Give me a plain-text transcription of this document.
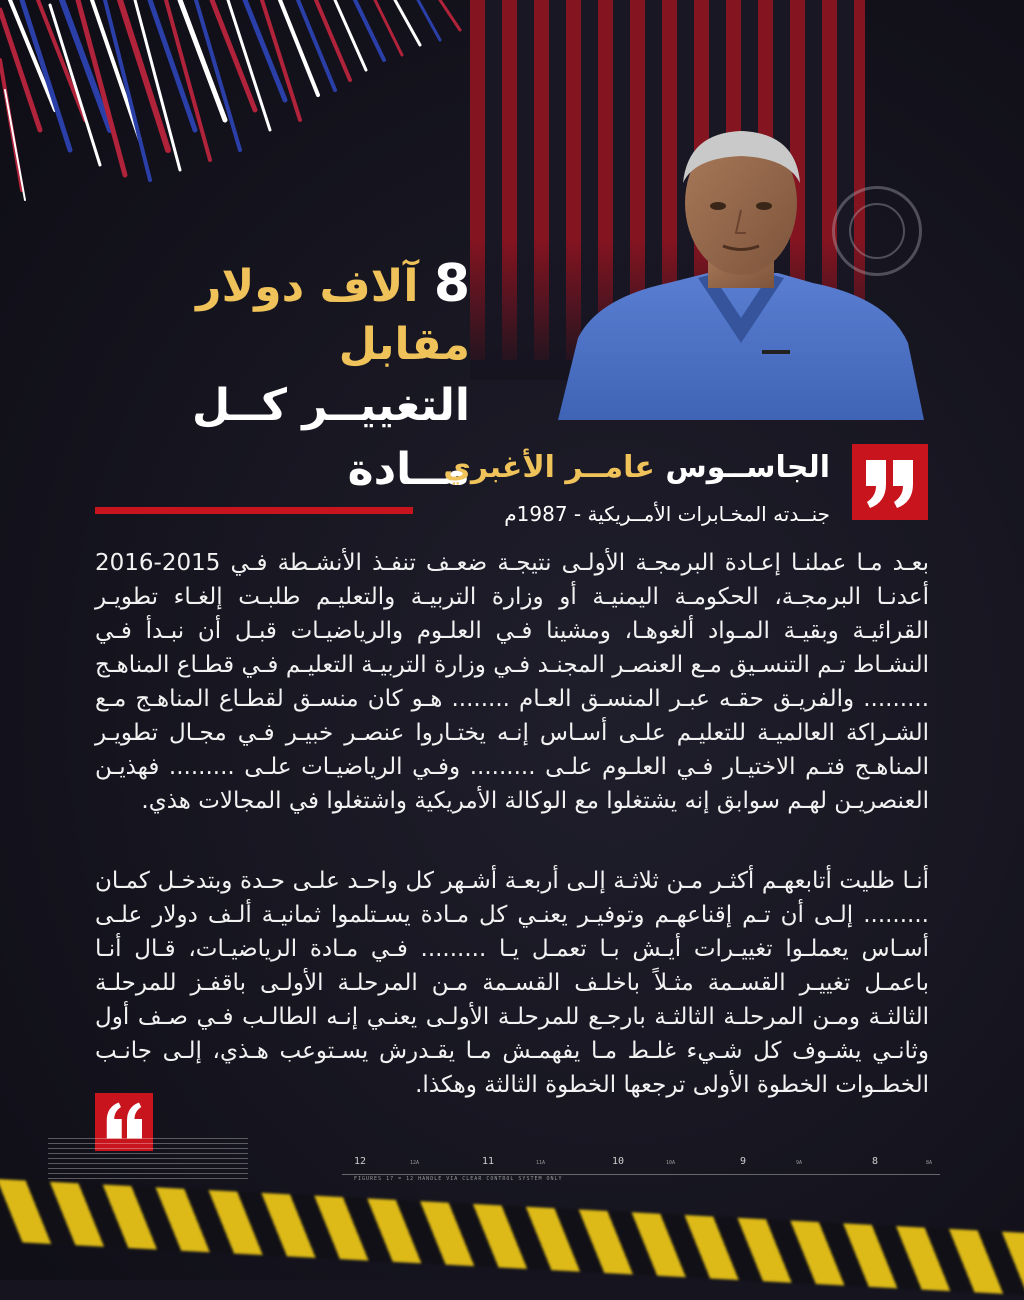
8 آلاف دولار مقابل
التغييــر كــل مــادة	الجاســوس عامــر الأغبري
جنــدته المخـابرات الأمــريكية - 1987م
بعـد مـا عملنـا إعـادة البرمجـة الأولـى نتيجـة ضعـف تنفـذ الأنشـطة فـي 2015-2016 أعدنـا البرمجـة، الحكومـة اليمنيـة أو وزارة التربيـة والتعليـم طلبـت إلغـاء تطويـر القرائيـة وبقيـة المـواد ألغوهـا، ومشينا فـي العلـوم والرياضيـات قبـل أن نبـدأ فـي النشـاط تـم التنسـيق مـع العنصـر المجنـد فـي وزارة التربيـة التعليـم فـي قطـاع المناهـج ......... والفريـق حقـه عبـر المنسـق العـام ........ هـو كان منسـق لقطـاع المناهـج مـع الشـراكة العالميـة للتعليـم علـى أسـاس إنـه يختـاروا عنصـر خبيـر فـي مجـال تطويـر المناهـج فتـم الاختيـار فـي العلـوم علـى ......... وفـي الرياضيـات علـى ......... فهذيـن العنصريـن لهـم سوابق إنه يشتغلوا مع الوكالة الأمريكية واشتغلوا في المجالات هذي.
أنـا ظليت أتابعهـم أكثـر مـن ثلاثـة إلـى أربعـة أشـهر كل واحـد علـى حـدة وبتدخـل كمـان ......... إلـى أن تـم إقناعهـم وتوفيـر يعنـي كل مـادة يسـتلموا ثمانيـة ألـف دولار علـى أسـاس يعملـوا تغييـرات أيـش بـا تعمـل يـا ......... فـي مـادة الرياضيـات، قـال أنـا باعمـل تغييـر القسـمة مثـلاً باخلـف القسـمة مـن المرحلـة الأولـى باقفـز للمرحلـة الثالثـة ومـن المرحلـة الثالثـة بارجـع للمرحلـة الأولـى يعنـي إنـه الطالـب فـي صـف أول وثانـي يشـوف كل شـيء غلـط مـا يفهمـش مـا يقـدرش يسـتوعب هـذي، إلـى جانـب الخطـوات الخطوة الأولى ترجعها الخطوة الثالثة وهكذا.
12	12A	11	11A	10	10A	9	9A	8	8A
FIGURES 17 = 12 HANDLE VIA CLEAR CONTROL SYSTEM ONLY
